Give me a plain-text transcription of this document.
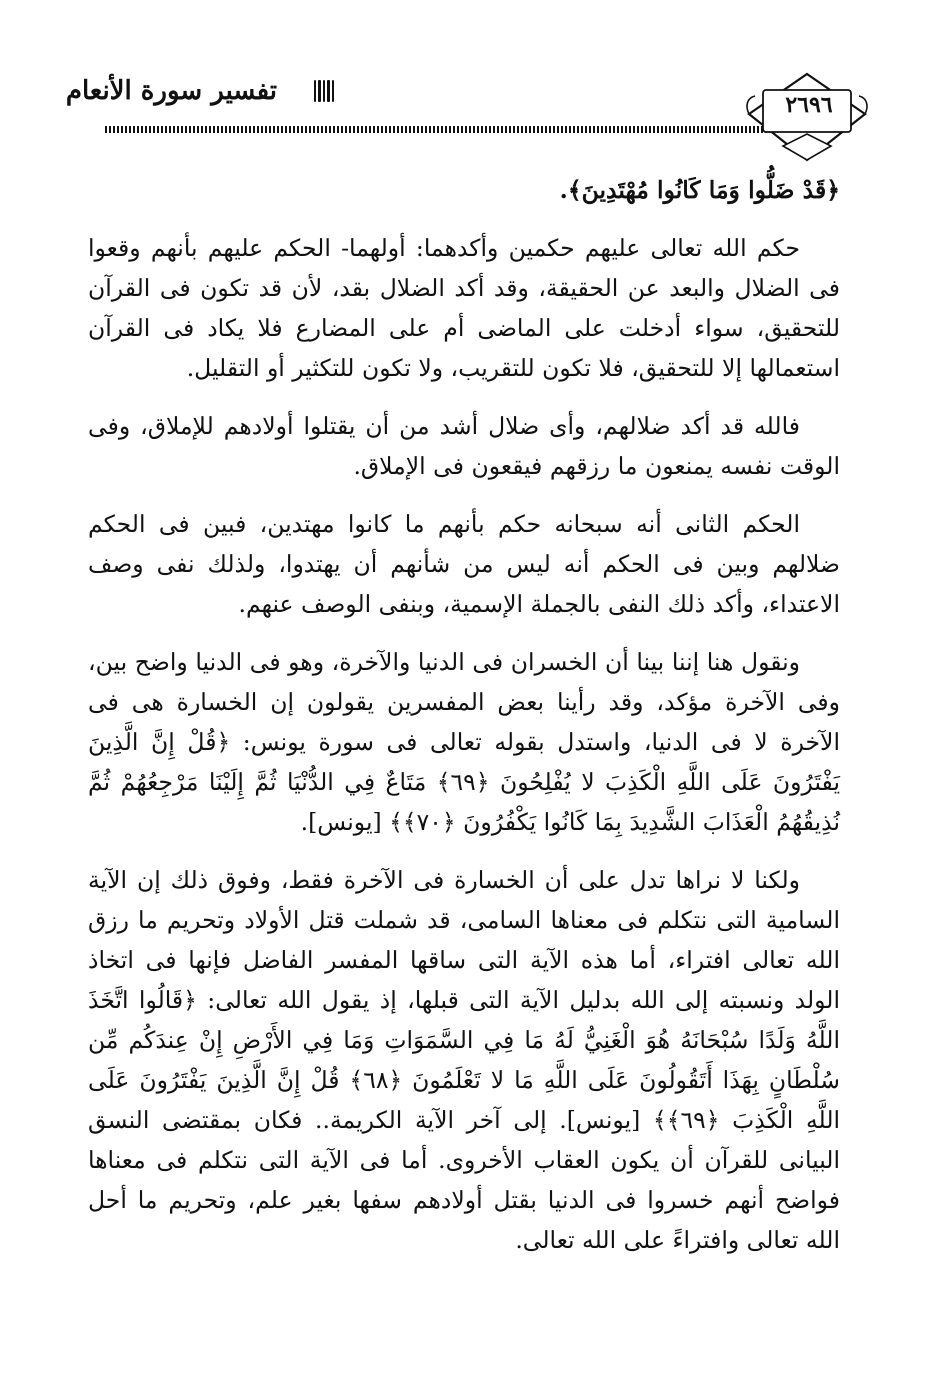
تفسير سورة الأنعام	٢٦٩٦

﴿قَدْ ضَلُّوا وَمَا كَانُوا مُهْتَدِينَ﴾.

حكم الله تعالى عليهم حكمين وأكدهما: أولهما- الحكم عليهم بأنهم وقعوا فى الضلال والبعد عن الحقيقة، وقد أكد الضلال بقد، لأن قد تكون فى القرآن للتحقيق، سواء أدخلت على الماضى أم على المضارع فلا يكاد فى القرآن استعمالها إلا للتحقيق، فلا تكون للتقريب، ولا تكون للتكثير أو التقليل.

فالله قد أكد ضلالهم، وأى ضلال أشد من أن يقتلوا أولادهم للإملاق، وفى الوقت نفسه يمنعون ما رزقهم فيقعون فى الإملاق.

الحكم الثانى أنه سبحانه حكم بأنهم ما كانوا مهتدين، فبين فى الحكم ضلالهم وبين فى الحكم أنه ليس من شأنهم أن يهتدوا، ولذلك نفى وصف الاعتداء، وأكد ذلك النفى بالجملة الإسمية، وبنفى الوصف عنهم.

ونقول هنا إننا بينا أن الخسران فى الدنيا والآخرة، وهو فى الدنيا واضح بين، وفى الآخرة مؤكد، وقد رأينا بعض المفسرين يقولون إن الخسارة هى فى الآخرة لا فى الدنيا، واستدل بقوله تعالى فى سورة يونس: ﴿قُلْ إِنَّ الَّذِينَ يَفْتَرُونَ عَلَى اللَّهِ الْكَذِبَ لا يُفْلِحُونَ ﴿٦٩﴾ مَتَاعٌ فِي الدُّنْيَا ثُمَّ إِلَيْنَا مَرْجِعُهُمْ ثُمَّ نُذِيقُهُمُ الْعَذَابَ الشَّدِيدَ بِمَا كَانُوا يَكْفُرُونَ ﴿٧٠﴾﴾ [يونس].

ولكنا لا نراها تدل على أن الخسارة فى الآخرة فقط، وفوق ذلك إن الآية السامية التى نتكلم فى معناها السامى، قد شملت قتل الأولاد وتحريم ما رزق الله تعالى افتراء، أما هذه الآية التى ساقها المفسر الفاضل فإنها فى اتخاذ الولد ونسبته إلى الله بدليل الآية التى قبلها، إذ يقول الله تعالى: ﴿قَالُوا اتَّخَذَ اللَّهُ وَلَدًا سُبْحَانَهُ هُوَ الْغَنِيُّ لَهُ مَا فِي السَّمَوَاتِ وَمَا فِي الأَرْضِ إِنْ عِندَكُم مِّن سُلْطَانٍ بِهَذَا أَتَقُولُونَ عَلَى اللَّهِ مَا لا تَعْلَمُونَ ﴿٦٨﴾ قُلْ إِنَّ الَّذِينَ يَفْتَرُونَ عَلَى اللَّهِ الْكَذِبَ ﴿٦٩﴾﴾ [يونس]. إلى آخر الآية الكريمة.. فكان بمقتضى النسق البيانى للقرآن أن يكون العقاب الأخروى. أما فى الآية التى نتكلم فى معناها فواضح أنهم خسروا فى الدنيا بقتل أولادهم سفها بغير علم، وتحريم ما أحل الله تعالى وافتراءً على الله تعالى.
